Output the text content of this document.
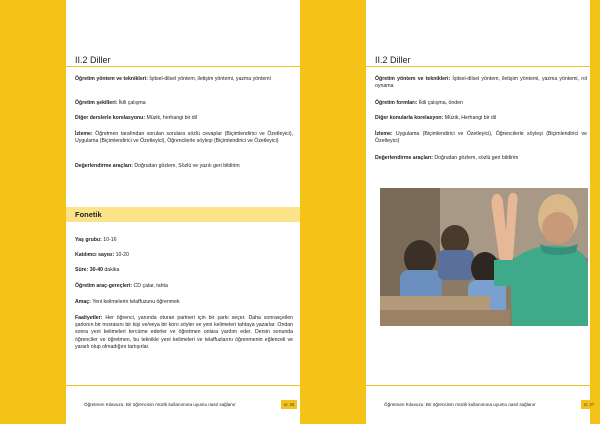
II.2 Diller
Öğretim yöntem ve teknikleri: İşitsel-dilsel yöntem, iletişim yöntemi, yazma yöntemi
Öğretim şekilleri: İkili çalışma
Diğer derslerle korelasyonu: Müzik, herhangi bir dil
İzleme: Öğretmen tarafından sorulan sorulara sözlü cevaplar (Biçimlendirici ve Özetleyici), Uygulama (Biçimlendirici ve Özetleyici), Öğrencilerle söyleşi (Biçimlendirici ve Özetleyici)
Değerlendirme araçları: Doğrudan gözlem, Sözlü ve yazılı geri bildirim
Fonetik
Yaş grubu: 10-16
Katılımcı sayısı: 10-20
Süre: 30-40 dakika
Öğretim araç-gereçleri: CD çalar, tahta
Amaç: Yeni kelimelerin telaffuzunu öğrenmek
Faaliyetler: Her öğrenci, yanında oturan partneri için bir şarkı seçer. Daha sonrasçeilen şarkının bir mısrasını bir kişi ve/veya bir koro söyler ve yeni kelimeleri tahtaya yazarlar. Ondan sonra yeni kelimeleri tercüme ederler ve öğretmen onlara yardım eder. Dersin sonunda öğrenciler ve öğretmen, bu teknikle yeni kelimeleri ve telaffuzlarını öğrenmenin eğlenceli ve yararlı olup olmadığını tartışırlar.
Öğretmen Kılavuzu: Bir öğrencinin müzik kullanımına uyumu nasıl sağlanır	sr. 26
II.2 Diller
Öğretim yöntem ve teknikleri: İşitsel-dilsel yöntem, iletişim yöntemi, yazma yöntemi, rol oynama
Öğretim formları: İkili çalışma, önden
Diğer konularla korelasyon: Müzik, Herhangi bir dil
İzleme: Uygulama (Biçimlendirici ve Özetleyici), Öğrencilerle söyleşi (Biçimlendirici ve Özetleyici)
Değerlendirme araçları: Doğrudan gözlem, sözlü geri bildirim
Öğretmen Kılavuzu: Bir öğrencinin müzik kullanımına uyumu nasıl sağlanır	sr. 27
